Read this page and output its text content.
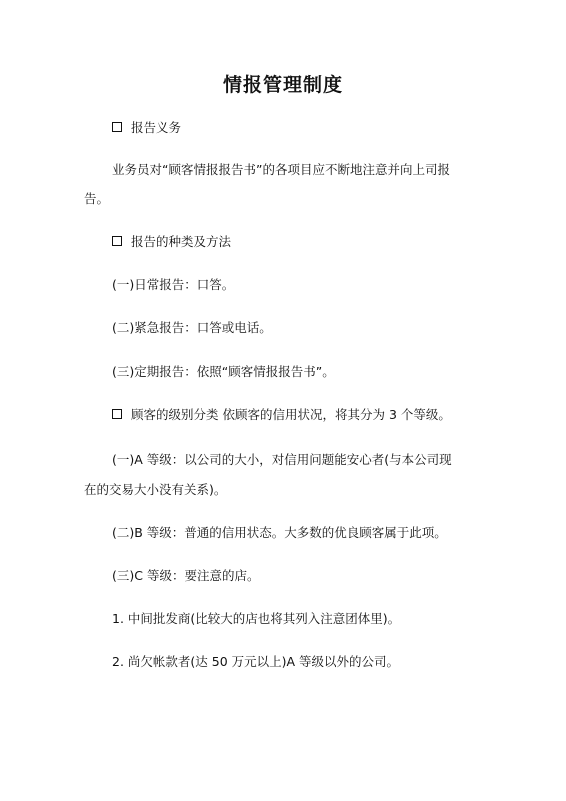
情报管理制度
报告义务
业务员对“顾客情报报告书”的各项目应不断地注意并向上司报
告。
报告的种类及方法
(一)日常报告：口答。
(二)紧急报告：口答或电话。
(三)定期报告：依照“顾客情报报告书”。
顾客的级别分类 依顾客的信用状况，将其分为 3 个等级。
(一)A 等级：以公司的大小，对信用问题能安心者(与本公司现
在的交易大小没有关系)。
(二)B 等级：普通的信用状态。大多数的优良顾客属于此项。
(三)C 等级：要注意的店。
1. 中间批发商(比较大的店也将其列入注意团体里)。
2. 尚欠帐款者(达 50 万元以上)A 等级以外的公司。
